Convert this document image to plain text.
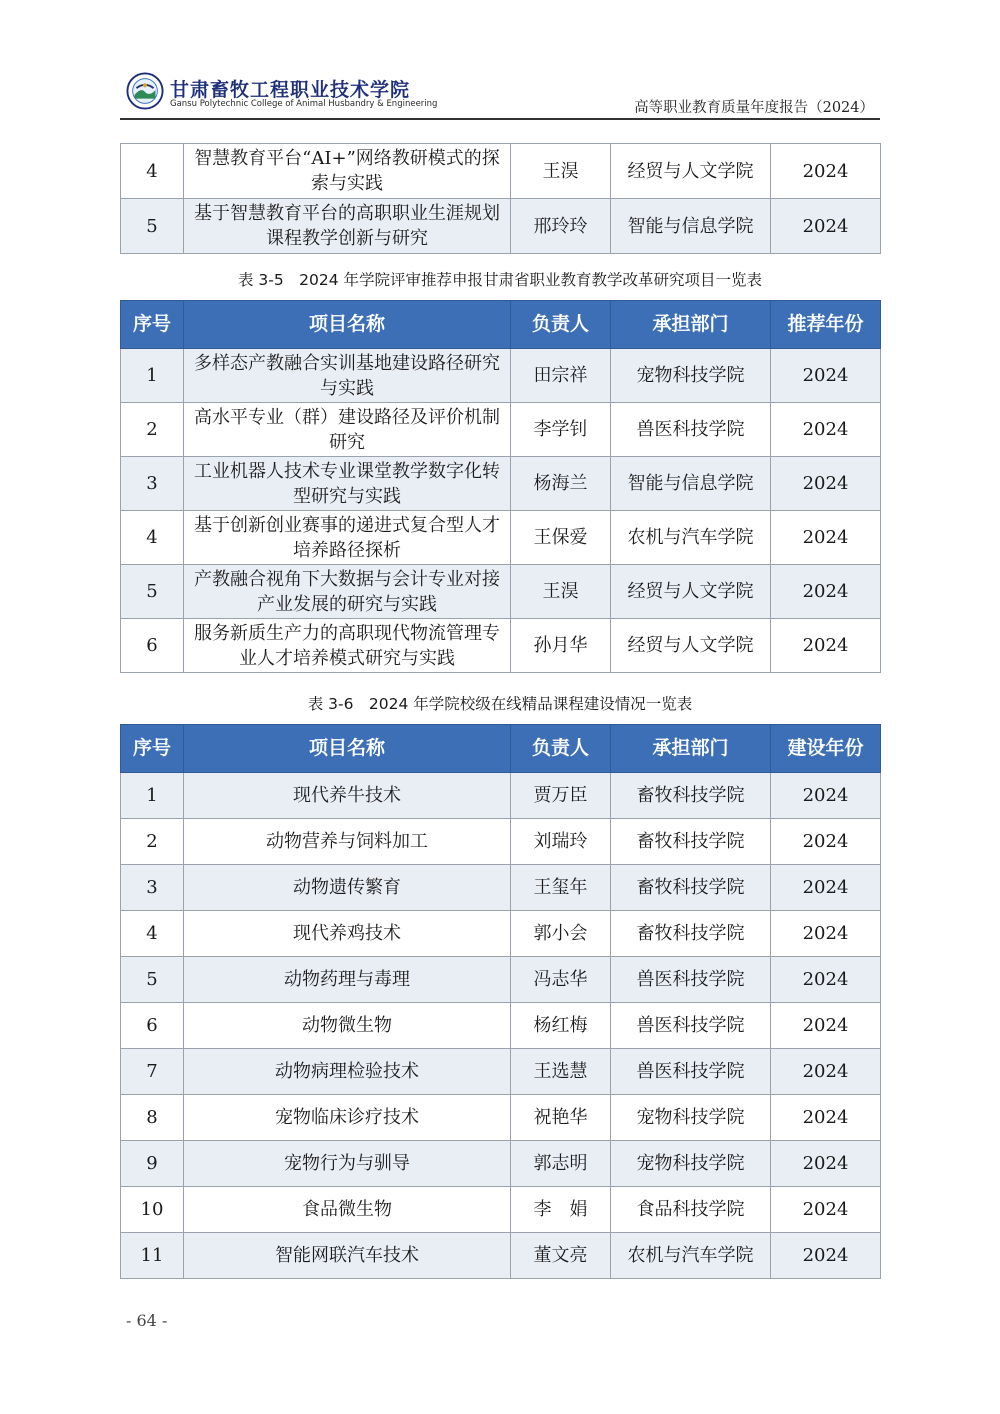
甘肃畜牧工程职业技术学院
Gansu Polytechnic College of Animal Husbandry & Engineering	高等职业教育质量年度报告（2024）
4	智慧教育平台“AI+”网络教研模式的探索与实践	王淏	经贸与人文学院	2024
5	基于智慧教育平台的高职职业生涯规划课程教学创新与研究	邢玲玲	智能与信息学院	2024
表 3-5　2024 年学院评审推荐申报甘肃省职业教育教学改革研究项目一览表
序号	项目名称	负责人	承担部门	推荐年份
1	多样态产教融合实训基地建设路径研究与实践	田宗祥	宠物科技学院	2024
2	高水平专业（群）建设路径及评价机制研究	李学钊	兽医科技学院	2024
3	工业机器人技术专业课堂教学数字化转型研究与实践	杨海兰	智能与信息学院	2024
4	基于创新创业赛事的递进式复合型人才培养路径探析	王保爱	农机与汽车学院	2024
5	产教融合视角下大数据与会计专业对接产业发展的研究与实践	王淏	经贸与人文学院	2024
6	服务新质生产力的高职现代物流管理专业人才培养模式研究与实践	孙月华	经贸与人文学院	2024
表 3-6　2024 年学院校级在线精品课程建设情况一览表
序号	项目名称	负责人	承担部门	建设年份
1	现代养牛技术	贾万臣	畜牧科技学院	2024
2	动物营养与饲料加工	刘瑞玲	畜牧科技学院	2024
3	动物遗传繁育	王玺年	畜牧科技学院	2024
4	现代养鸡技术	郭小会	畜牧科技学院	2024
5	动物药理与毒理	冯志华	兽医科技学院	2024
6	动物微生物	杨红梅	兽医科技学院	2024
7	动物病理检验技术	王选慧	兽医科技学院	2024
8	宠物临床诊疗技术	祝艳华	宠物科技学院	2024
9	宠物行为与驯导	郭志明	宠物科技学院	2024
10	食品微生物	李　娟	食品科技学院	2024
11	智能网联汽车技术	董文亮	农机与汽车学院	2024
- 64 -
